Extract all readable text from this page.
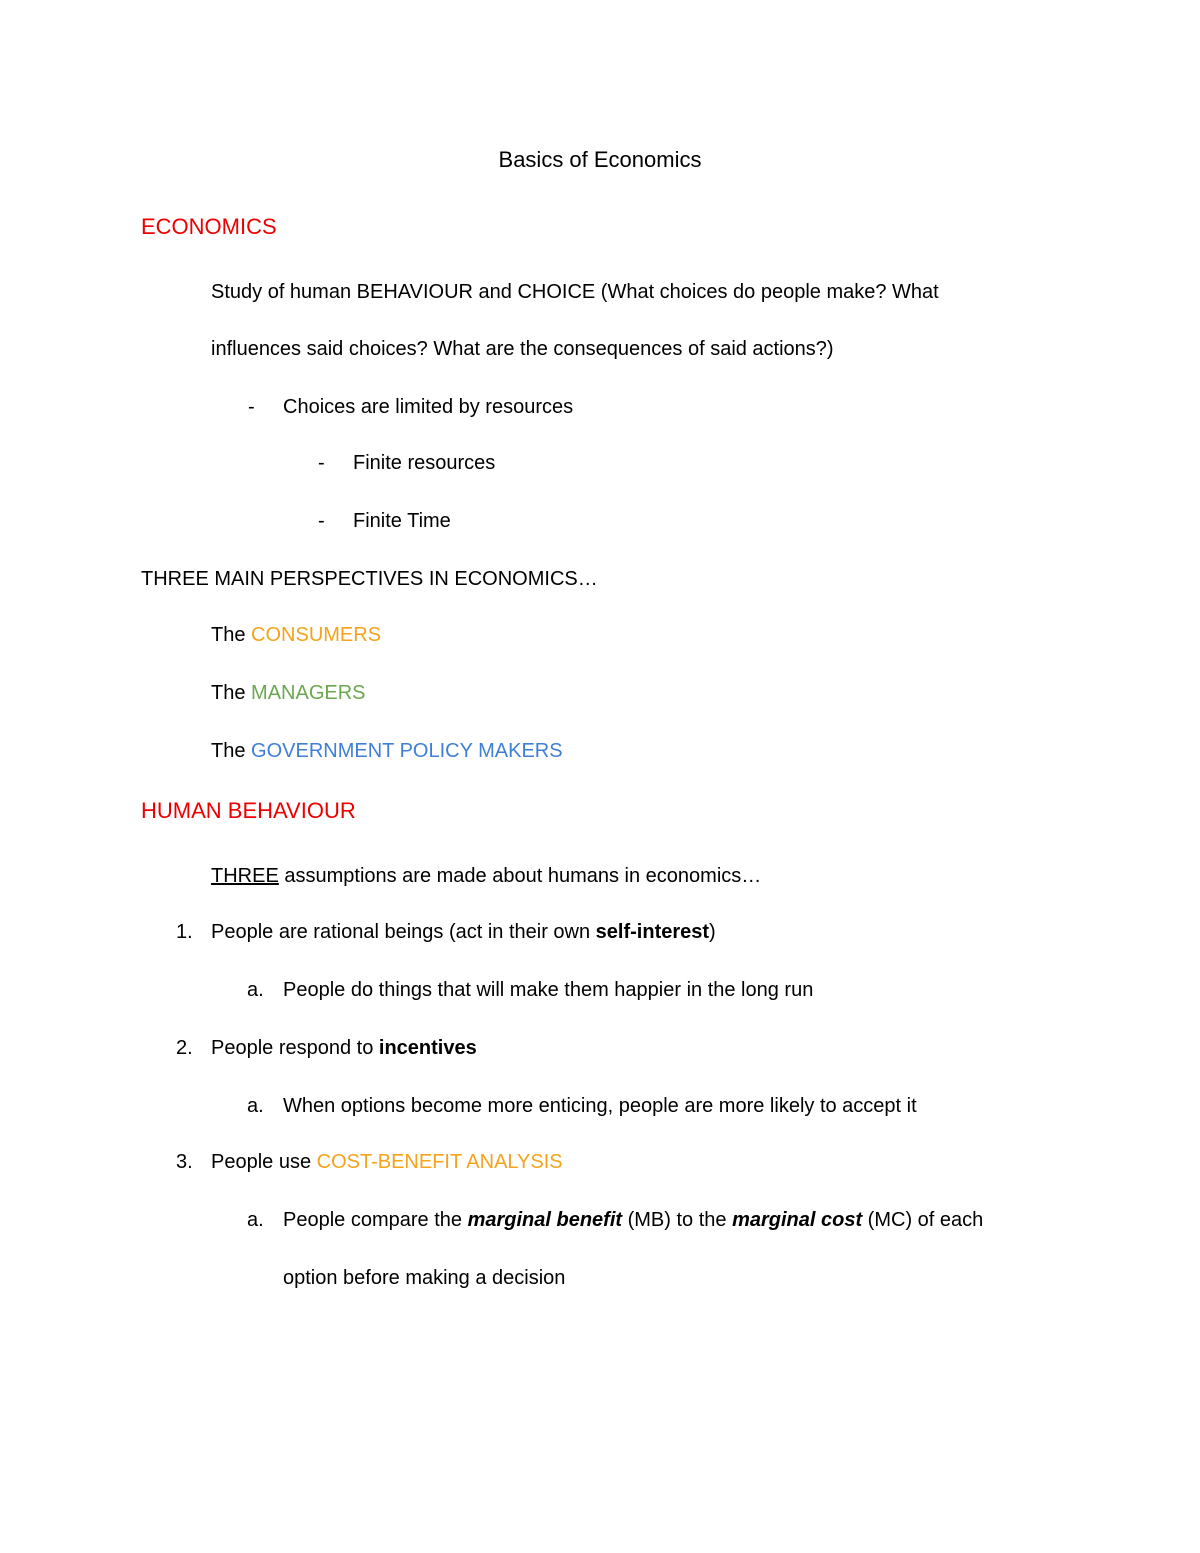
Basics of Economics
ECONOMICS
Study of human BEHAVIOUR and CHOICE (What choices do people make? What
influences said choices? What are the consequences of said actions?)
- Choices are limited by resources
- Finite resources
- Finite Time
THREE MAIN PERSPECTIVES IN ECONOMICS…
The CONSUMERS
The MANAGERS
The GOVERNMENT POLICY MAKERS
HUMAN BEHAVIOUR
THREE assumptions are made about humans in economics…
1. People are rational beings (act in their own self-interest)
a. People do things that will make them happier in the long run
2. People respond to incentives
a. When options become more enticing, people are more likely to accept it
3. People use COST-BENEFIT ANALYSIS
a. People compare the marginal benefit (MB) to the marginal cost (MC) of each
option before making a decision
